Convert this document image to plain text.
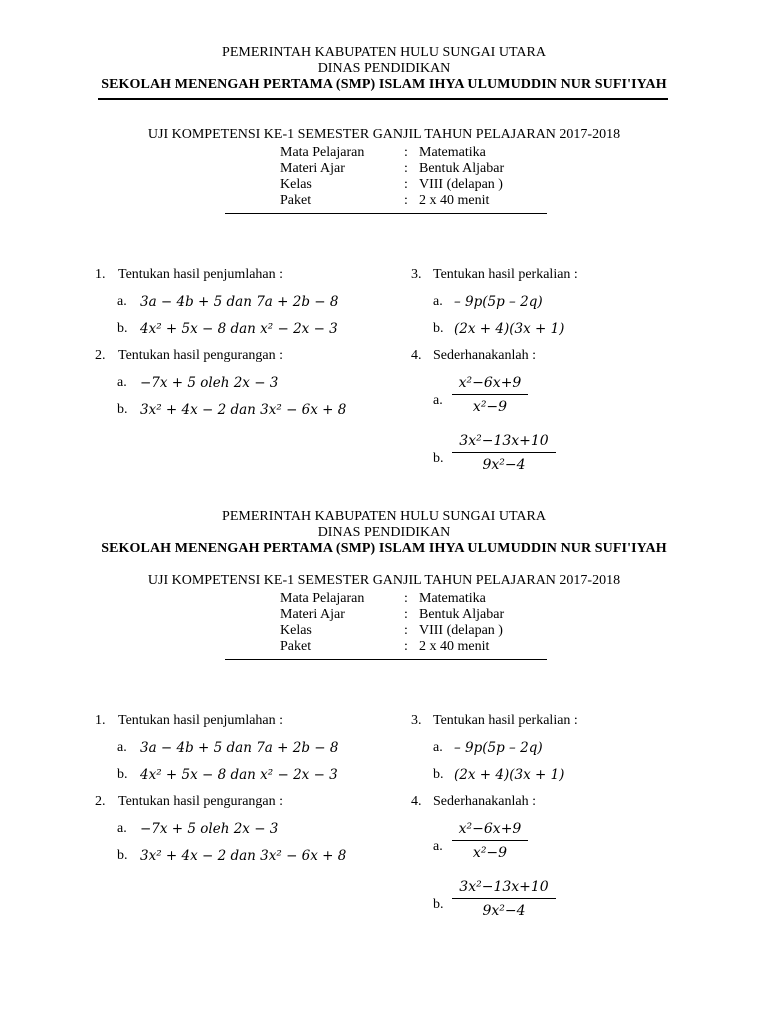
PEMERINTAH KABUPATEN HULU SUNGAI UTARA
DINAS PENDIDIKAN
SEKOLAH MENENGAH PERTAMA (SMP) ISLAM IHYA ULUMUDDIN NUR SUFI'IYAH
UJI KOMPETENSI KE-1 SEMESTER GANJIL TAHUN PELAJARAN 2017-2018
Mata Pelajaran	: Matematika
Materi Ajar	: Bentuk Aljabar
Kelas	: VIII (delapan )
Paket	: 2 x 40 menit
1. Tentukan hasil penjumlahan :
a. 3a − 4b + 5 dan 7a + 2b − 8
b. 4x² + 5x − 8 dan x² − 2x − 3
2. Tentukan hasil pengurangan :
a. −7x + 5 oleh 2x − 3
b. 3x² + 4x − 2 dan 3x² − 6x + 8
3. Tentukan hasil perkalian :
a. – 9p(5p – 2q)
b. (2x + 4)(3x + 1)
4. Sederhanakanlah :
a.
x²−6x+9
x²−9
b.
3x²−13x+10
9x²−4
PEMERINTAH KABUPATEN HULU SUNGAI UTARA
DINAS PENDIDIKAN
SEKOLAH MENENGAH PERTAMA (SMP) ISLAM IHYA ULUMUDDIN NUR SUFI'IYAH
UJI KOMPETENSI KE-1 SEMESTER GANJIL TAHUN PELAJARAN 2017-2018
Mata Pelajaran	: Matematika
Materi Ajar	: Bentuk Aljabar
Kelas	: VIII (delapan )
Paket	: 2 x 40 menit
1. Tentukan hasil penjumlahan :
a. 3a − 4b + 5 dan 7a + 2b − 8
b. 4x² + 5x − 8 dan x² − 2x − 3
2. Tentukan hasil pengurangan :
a. −7x + 5 oleh 2x − 3
b. 3x² + 4x − 2 dan 3x² − 6x + 8
3. Tentukan hasil perkalian :
a. – 9p(5p – 2q)
b. (2x + 4)(3x + 1)
4. Sederhanakanlah :
a.
x²−6x+9
x²−9
b.
3x²−13x+10
9x²−4
